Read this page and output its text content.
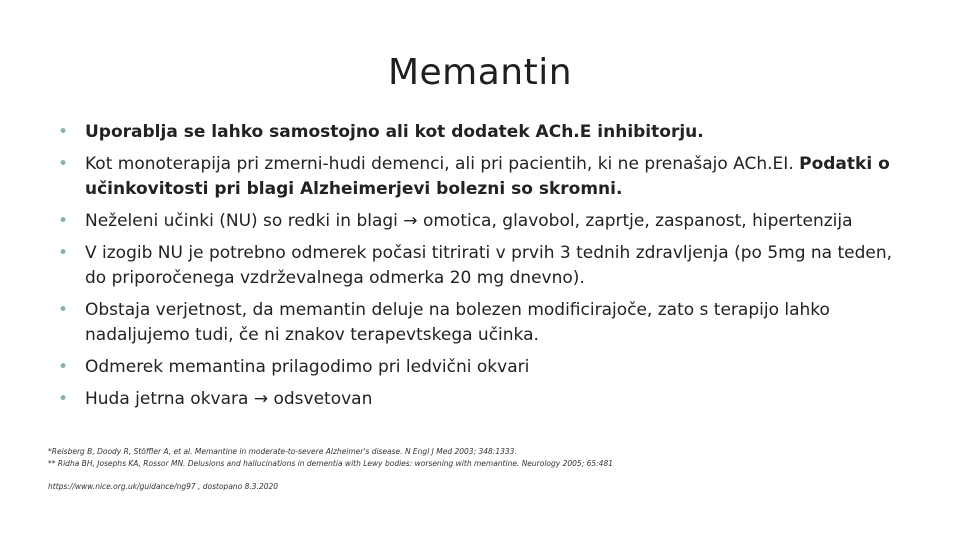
Memantin
• Uporablja se lahko samostojno ali kot dodatek ACh.E inhibitorju.
• Kot monoterapija pri zmerni-hudi demenci, ali pri pacientih, ki ne prenašajo ACh.EI. Podatki o učinkovitosti pri blagi Alzheimerjevi bolezni so skromni.
• Neželeni učinki (NU) so redki in blagi → omotica, glavobol, zaprtje, zaspanost, hipertenzija
• V izogib NU je potrebno odmerek počasi titrirati v prvih 3 tednih zdravljenja (po 5mg na teden, do priporočenega vzdrževalnega odmerka 20 mg dnevno).
• Obstaja verjetnost, da memantin deluje na bolezen modificirajoče, zato s terapijo lahko nadaljujemo tudi, če ni znakov terapevtskega učinka.
• Odmerek memantina prilagodimo pri ledvični okvari
• Huda jetrna okvara → odsvetovan
*Reisberg B, Doody R, Stöffler A, et al. Memantine in moderate-to-severe Alzheimer's disease. N Engl J Med 2003; 348:1333.
** Ridha BH, Josephs KA, Rossor MN. Delusions and hallucinations in dementia with Lewy bodies: worsening with memantine. Neurology 2005; 65:481
https://www.nice.org.uk/guidance/ng97 , dostopano 8.3.2020
